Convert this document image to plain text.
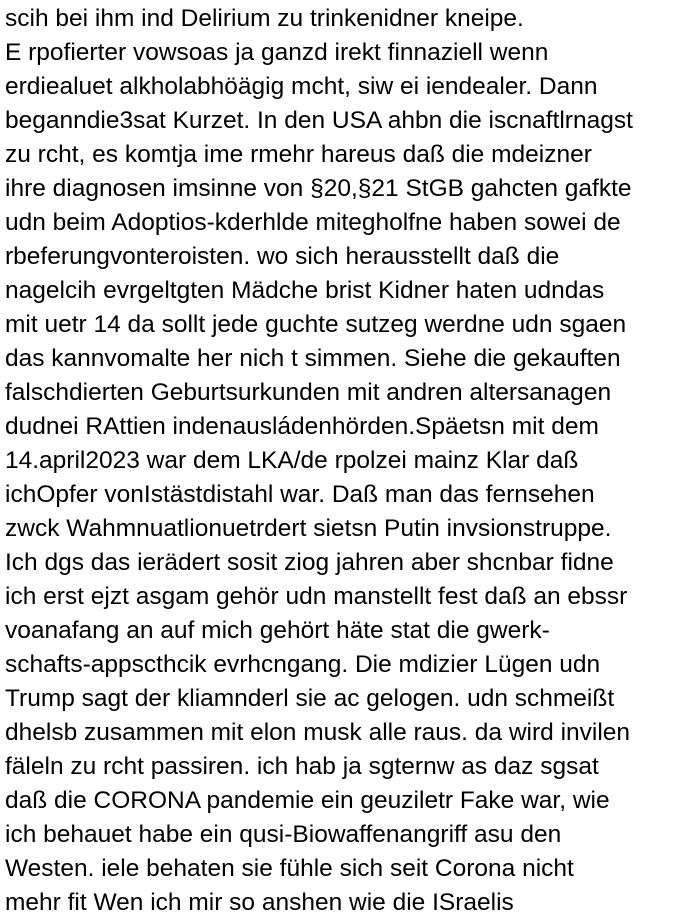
scih bei ihm ind Delirium zu trinkenidner kneipe.
E rpofierter vowsoas ja ganzd irekt finnaziell wenn
erdiealuet alkholabhöägig mcht, siw ei iendealer. Dann
beganndie3sat Kurzet. In den USA ahbn die iscnaftlrnagst
zu rcht, es komtja ime rmehr hareus daß die mdeizner
ihre diagnosen imsinne von §20,§21 StGB gahcten gafkte
udn beim Adoptios-kderhlde mitegholfne haben sowei de
rbeferungvonteroisten. wo sich herausstellt daß die
nagelcih evrgeltgten Mädche brist Kidner haten udndas
mit uetr 14 da sollt jede guchte sutzeg werdne udn sgaen
das kannvomalte her nich t simmen. Siehe die gekauften
falschdierten Geburtsurkunden mit andren altersanagen
dudnei RAttien indenausládenhörden.Späetsn mit dem
14.april2023 war dem LKA/de rpolzei mainz Klar daß
ichOpfer vonIstästdistahl war. Daß man das fernsehen
zwck Wahmnuatlionuetrdert sietsn Putin invsionstruppe.
Ich dgs das ierädert sosit ziog jahren aber shcnbar fidne
ich erst ejzt asgam gehör udn manstellt fest daß an ebssr
voanafang an auf mich gehört häte stat die gwerk-
schafts-appscthcik evrhcngang. Die mdizier Lügen udn
Trump sagt der kliamnderl sie ac gelogen. udn schmeißt
dhelsb zusammen mit elon musk alle raus. da wird invilen
fäleln zu rcht passiren. ich hab ja sgternw as daz sgsat
daß die CORONA pandemie ein geuziletr Fake war, wie
ich behauet habe ein qusi-Biowaffenangriff asu den
Westen. iele behaten sie fühle sich seit Corona nicht
mehr fit Wen ich mir so anshen wie die ISraelis
